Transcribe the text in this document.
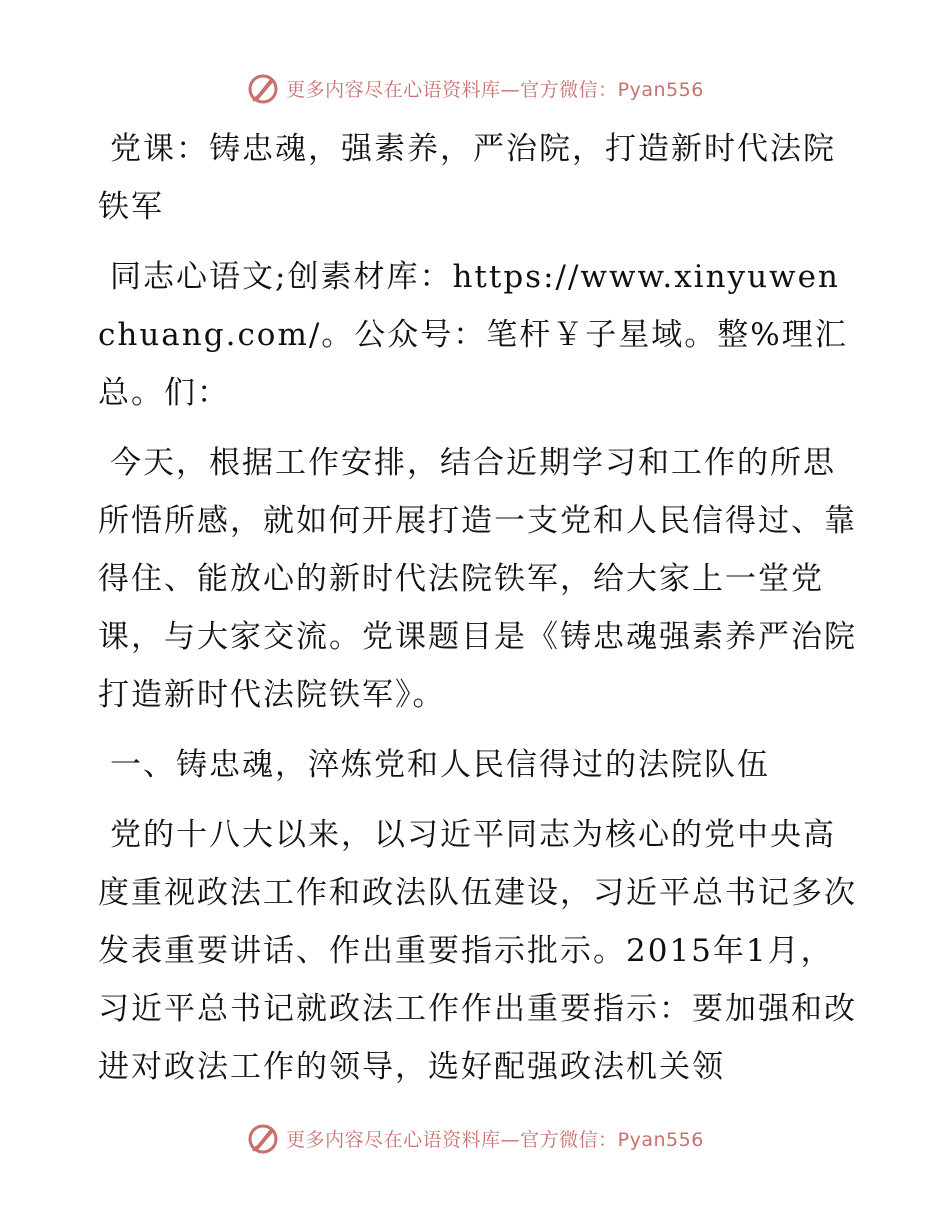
更多内容尽在心语资料库—官方微信：Pyan556

党课：铸忠魂，强素养，严治院，打造新时代法院铁军

同志心语文;创素材库：https://www.xinyuwenchuang.com/。公众号：笔杆￥子星域。整%理汇总。们：

今天，根据工作安排，结合近期学习和工作的所思所悟所感，就如何开展打造一支党和人民信得过、靠得住、能放心的新时代法院铁军，给大家上一堂党课，与大家交流。党课题目是《铸忠魂强素养严治院打造新时代法院铁军》。

一、铸忠魂，淬炼党和人民信得过的法院队伍

党的十八大以来，以习近平同志为核心的党中央高度重视政法工作和政法队伍建设，习近平总书记多次发表重要讲话、作出重要指示批示。2015年1月，习近平总书记就政法工作作出重要指示：要加强和改进对政法工作的领导，选好配强政法机关领

更多内容尽在心语资料库—官方微信：Pyan556
